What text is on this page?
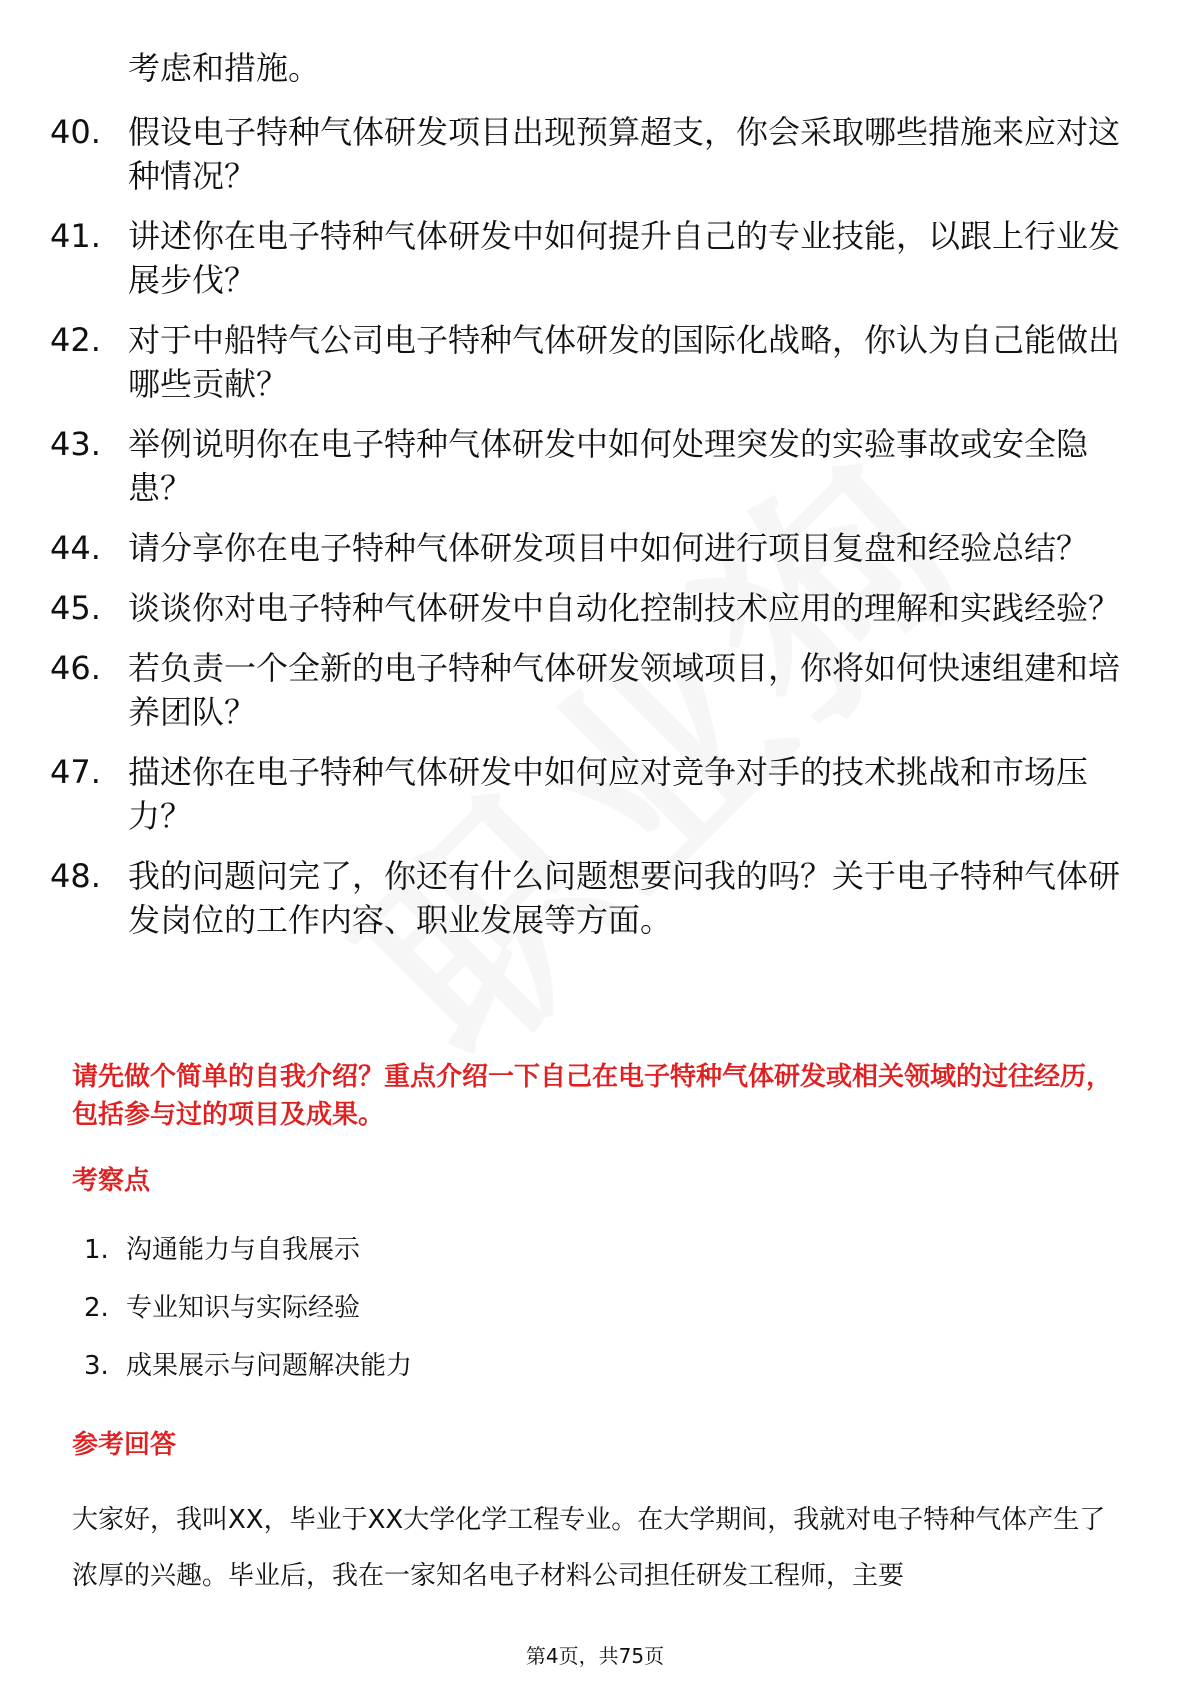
考虑和措施。
40. 假设电子特种气体研发项目出现预算超支，你会采取哪些措施来应对这种情况？
41. 讲述你在电子特种气体研发中如何提升自己的专业技能，以跟上行业发展步伐？
42. 对于中船特气公司电子特种气体研发的国际化战略，你认为自己能做出哪些贡献？
43. 举例说明你在电子特种气体研发中如何处理突发的实验事故或安全隐患？
44. 请分享你在电子特种气体研发项目中如何进行项目复盘和经验总结？
45. 谈谈你对电子特种气体研发中自动化控制技术应用的理解和实践经验？
46. 若负责一个全新的电子特种气体研发领域项目，你将如何快速组建和培养团队？
47. 描述你在电子特种气体研发中如何应对竞争对手的技术挑战和市场压力？
48. 我的问题问完了，你还有什么问题想要问我的吗？关于电子特种气体研发岗位的工作内容、职业发展等方面。
请先做个简单的自我介绍？重点介绍一下自己在电子特种气体研发或相关领域的过往经历，包括参与过的项目及成果。
考察点
1. 沟通能力与自我展示
2. 专业知识与实际经验
3. 成果展示与问题解决能力
参考回答
大家好，我叫XX，毕业于XX大学化学工程专业。在大学期间，我就对电子特种气体产生了浓厚的兴趣。毕业后，我在一家知名电子材料公司担任研发工程师，主要
第4页，共75页
